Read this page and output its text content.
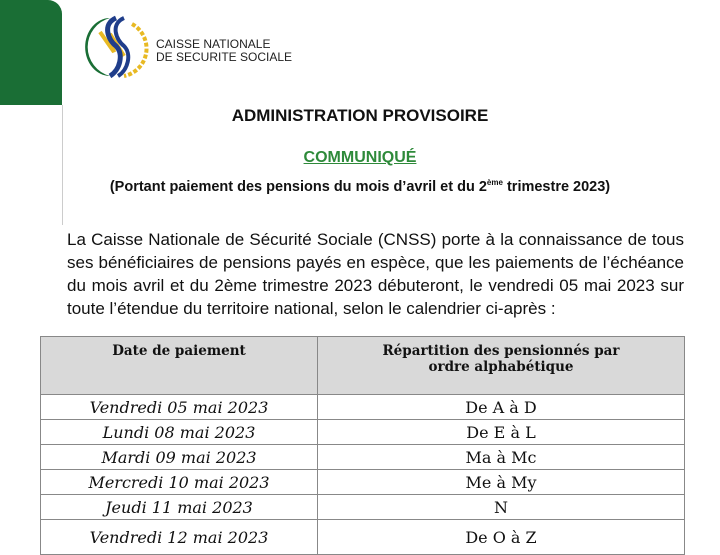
CAISSE NATIONALE
DE SECURITE SOCIALE
ADMINISTRATION PROVISOIRE
COMMUNIQUÉ
(Portant paiement des pensions du mois d’avril et du 2ème trimestre 2023)
La Caisse Nationale de Sécurité Sociale (CNSS) porte à la connaissance de tous ses bénéficiaires de pensions payés en espèce, que les paiements de l’échéance du mois avril et du 2ème trimestre 2023 débuteront, le vendredi 05 mai 2023 sur toute l’étendue du territoire national, selon le calendrier ci-après :
Date de paiement	Répartition des pensionnés par ordre alphabétique
Vendredi 05 mai 2023	De A à D
Lundi 08 mai 2023	De E à L
Mardi 09 mai 2023	Ma à Mc
Mercredi 10 mai 2023	Me à My
Jeudi 11 mai 2023	N
Vendredi 12 mai 2023	De O à Z
